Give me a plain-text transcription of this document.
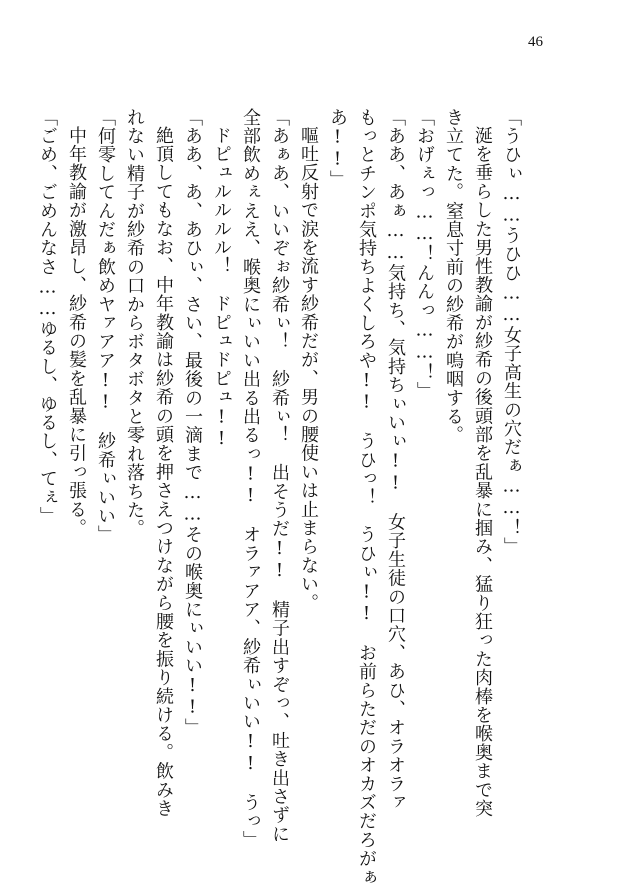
46
「うひぃ……うひひ……女子高生の穴だぁ……！」
涎を垂らした男性教諭が紗希の後頭部を乱暴に掴み、猛り狂った肉棒を喉奥まで突
き立てた。窒息寸前の紗希が嗚咽する。
「おげぇっ……！んんっ……！」
「ああ、あぁ……気持ち、気持ちぃいぃ!!　女子生徒の口穴、あひ、オラオラァ
もっとチンポ気持ちよくしろや!!　うひっ！　うひぃ!!　お前らただのオカズだろがぁ
あ!!」
嘔吐反射で涙を流す紗希だが、男の腰使いは止まらない。
「あぁあ、いいぞぉ紗希ぃ！　紗希ぃ！　出そうだ!!　精子出すぞっ、吐き出さずに
全部飲めぇええ、喉奥にぃいい出る出るっ!!　オラァアア、紗希ぃいい!!　うっ」
ドピュルルルル！　ドピュドピュ!!
「ああ、あ、あひぃ、さい、最後の一滴まで……その喉奥にぃいい!!」
絶頂してもなお、中年教諭は紗希の頭を押さえつけながら腰を振り続ける。飲みき
れない精子が紗希の口からボタボタと零れ落ちた。
「何零してんだぁ飲めヤァアア!!　紗希ぃいい」
中年教諭が激昂し、紗希の髪を乱暴に引っ張る。
「ごめ、ごめんなさ……ゆるし、ゆるし、てぇ」
